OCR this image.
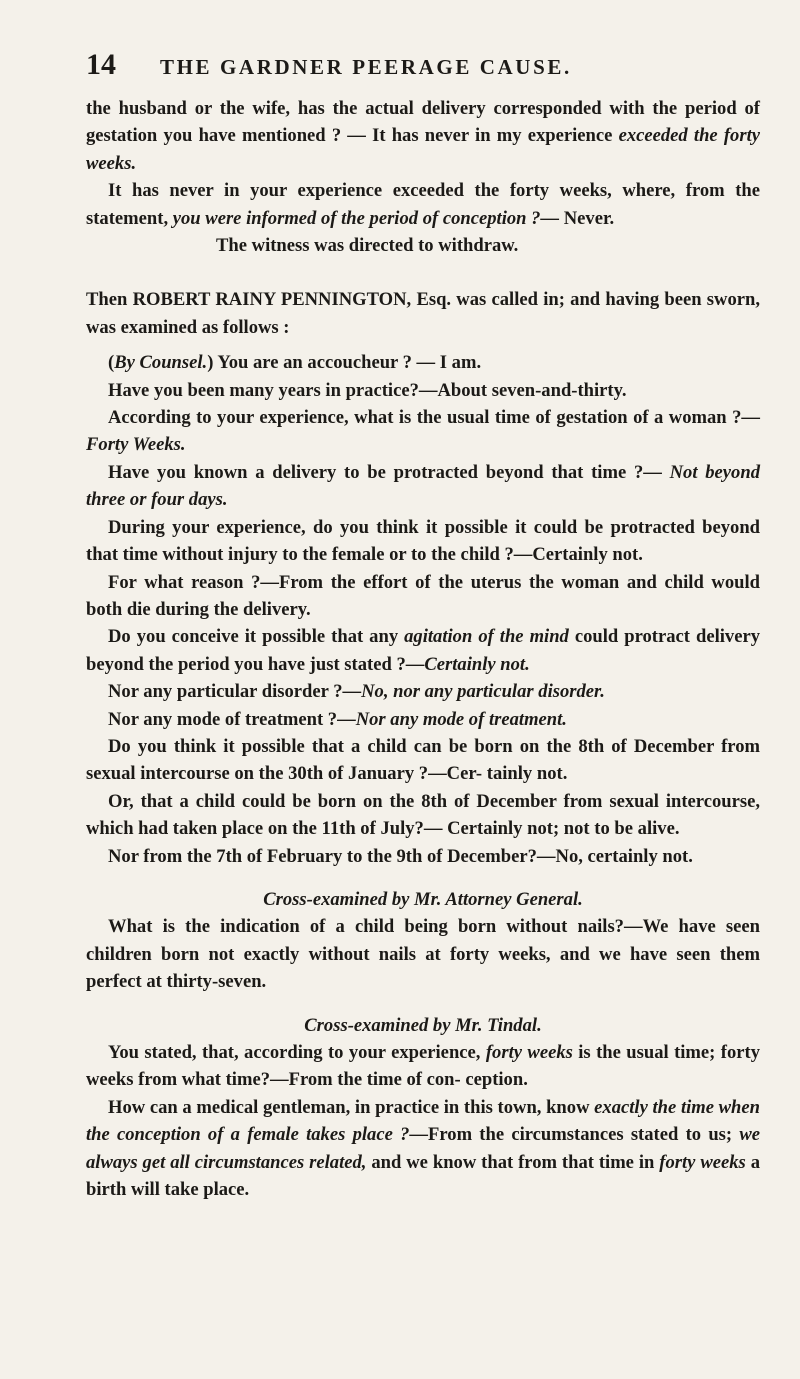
14	THE GARDNER PEERAGE CAUSE.

the husband or the wife, has the actual delivery corresponded with the period of gestation you have mentioned ? — It has never in my experience exceeded the forty weeks.

It has never in your experience exceeded the forty weeks, where, from the statement, you were informed of the period of conception ?— Never.

The witness was directed to withdraw.

Then ROBERT RAINY PENNINGTON, Esq. was called in; and having been sworn, was examined as follows :

(By Counsel.) You are an accoucheur ? — I am.

Have you been many years in practice?—About seven-and-thirty.

According to your experience, what is the usual time of gestation of a woman ?—Forty Weeks.

Have you known a delivery to be protracted beyond that time ?— Not beyond three or four days.

During your experience, do you think it possible it could be protracted beyond that time without injury to the female or to the child ?—Certainly not.

For what reason ?—From the effort of the uterus the woman and child would both die during the delivery.

Do you conceive it possible that any agitation of the mind could protract delivery beyond the period you have just stated ?—Certainly not.

Nor any particular disorder ?—No, nor any particular disorder.

Nor any mode of treatment ?—Nor any mode of treatment.

Do you think it possible that a child can be born on the 8th of December from sexual intercourse on the 30th of January ?—Cer- tainly not.

Or, that a child could be born on the 8th of December from sexual intercourse, which had taken place on the 11th of July?— Certainly not; not to be alive.

Nor from the 7th of February to the 9th of December?—No, certainly not.

Cross-examined by Mr. Attorney General.

What is the indication of a child being born without nails?—We have seen children born not exactly without nails at forty weeks, and we have seen them perfect at thirty-seven.

Cross-examined by Mr. Tindal.

You stated, that, according to your experience, forty weeks is the usual time; forty weeks from what time?—From the time of con- ception.

How can a medical gentleman, in practice in this town, know exactly the time when the conception of a female takes place ?—From the circumstances stated to us; we always get all circumstances related, and we know that from that time in forty weeks a birth will take place.
